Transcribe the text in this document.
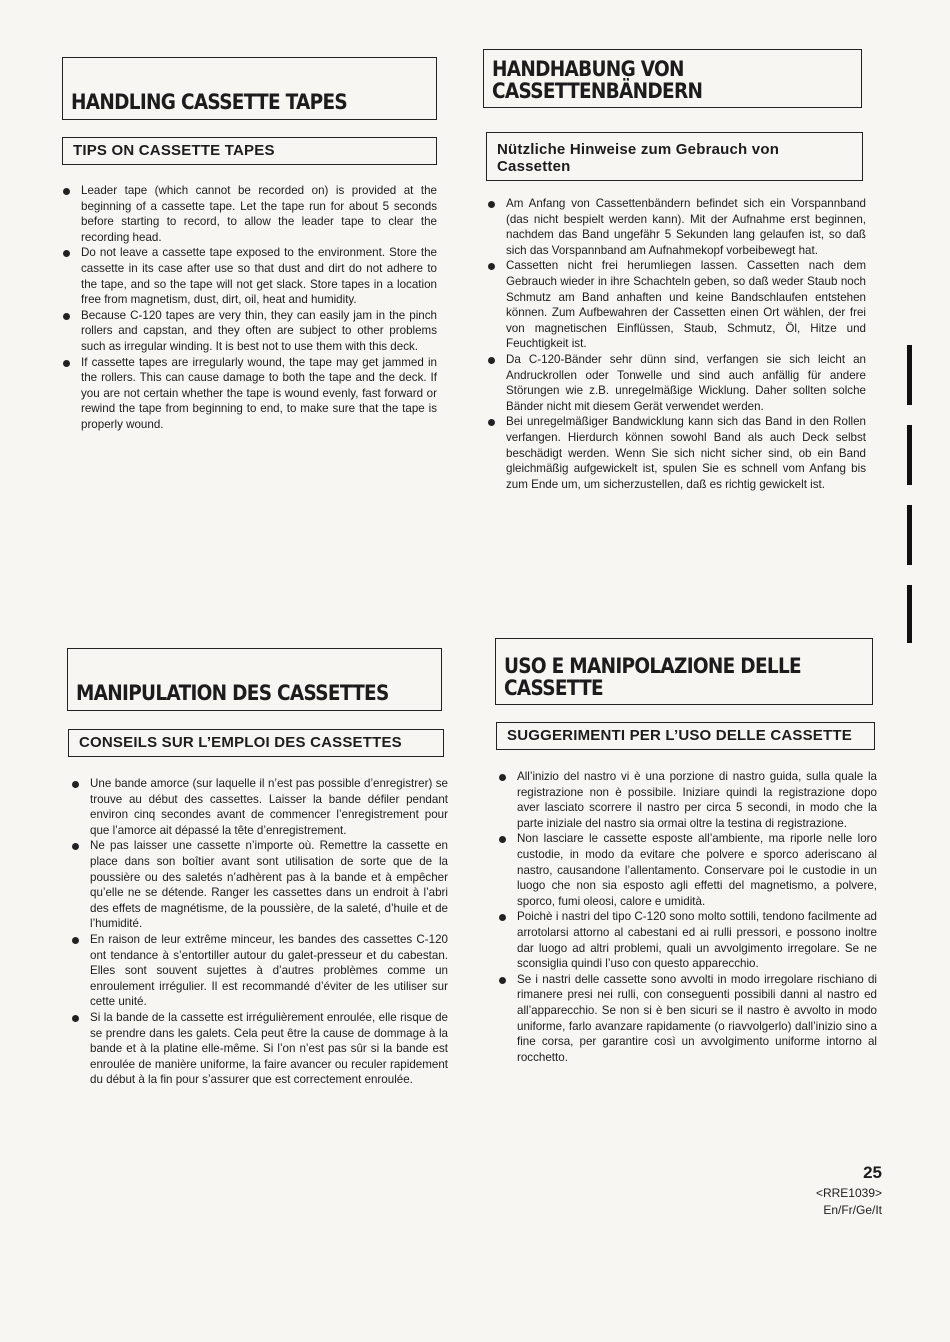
HANDLING CASSETTE TAPES
TIPS ON CASSETTE TAPES
Leader tape (which cannot be recorded on) is provided at the beginning of a cassette tape. Let the tape run for about 5 seconds before starting to record, to allow the leader tape to clear the recording head.
Do not leave a cassette tape exposed to the environment. Store the cassette in its case after use so that dust and dirt do not adhere to the tape, and so the tape will not get slack. Store tapes in a location free from magnetism, dust, dirt, oil, heat and humidity.
Because C-120 tapes are very thin, they can easily jam in the pinch rollers and capstan, and they often are subject to other problems such as irregular winding. It is best not to use them with this deck.
If cassette tapes are irregularly wound, the tape may get jammed in the rollers. This can cause damage to both the tape and the deck. If you are not certain whether the tape is wound evenly, fast forward or rewind the tape from beginning to end, to make sure that the tape is properly wound.
HANDHABUNG VON
CASSETTENBÄNDERN
Nützliche Hinweise zum Gebrauch von Cassetten
Am Anfang von Cassettenbändern befindet sich ein Vorspannband (das nicht bespielt werden kann). Mit der Aufnahme erst beginnen, nachdem das Band ungefähr 5 Sekunden lang gelaufen ist, so daß sich das Vorspannband am Aufnahmekopf vorbeibewegt hat.
Cassetten nicht frei herumliegen lassen. Cassetten nach dem Gebrauch wieder in ihre Schachteln geben, so daß weder Staub noch Schmutz am Band anhaften und keine Bandschlaufen entstehen können. Zum Aufbewahren der Cassetten einen Ort wählen, der frei von magnetischen Einflüssen, Staub, Schmutz, Öl, Hitze und Feuchtigkeit ist.
Da C-120-Bänder sehr dünn sind, verfangen sie sich leicht an Andruckrollen oder Tonwelle und sind auch anfällig für andere Störungen wie z.B. unregelmäßige Wicklung. Daher sollten solche Bänder nicht mit diesem Gerät verwendet werden.
Bei unregelmäßiger Bandwicklung kann sich das Band in den Rollen verfangen. Hierdurch können sowohl Band als auch Deck selbst beschädigt werden. Wenn Sie sich nicht sicher sind, ob ein Band gleichmäßig aufgewickelt ist, spulen Sie es schnell vom Anfang bis zum Ende um, um sicherzustellen, daß es richtig gewickelt ist.
MANIPULATION DES CASSETTES
CONSEILS SUR L’EMPLOI DES CASSETTES
Une bande amorce (sur laquelle il n’est pas possible d’enregistrer) se trouve au début des cassettes. Laisser la bande défiler pendant environ cinq secondes avant de commencer l’enregistrement pour que l’amorce ait dépassé la tête d’enregistrement.
Ne pas laisser une cassette n’importe où. Remettre la cassette en place dans son boîtier avant sont utilisation de sorte que de la poussière ou des saletés n’adhèrent pas à la bande et à empêcher qu’elle ne se détende. Ranger les cassettes dans un endroit à l’abri des effets de magnétisme, de la poussière, de la saleté, d’huile et de l’humidité.
En raison de leur extrême minceur, les bandes des cassettes C-120 ont tendance à s’entortiller autour du galet-presseur et du cabestan. Elles sont souvent sujettes à d’autres problèmes comme un enroulement irrégulier. Il est recommandé d’éviter de les utiliser sur cette unité.
Si la bande de la cassette est irrégulièrement enroulée, elle risque de se prendre dans les galets. Cela peut être la cause de dommage à la bande et à la platine elle-même. Si l’on n’est pas sûr si la bande est enroulée de manière uniforme, la faire avancer ou reculer rapidement du début à la fin pour s’assurer que est correctement enroulée.
USO E MANIPOLAZIONE DELLE
CASSETTE
SUGGERIMENTI PER L’USO DELLE CASSETTE
All’inizio del nastro vi è una porzione di nastro guida, sulla quale la registrazione non è possibile. Iniziare quindi la registrazione dopo aver lasciato scorrere il nastro per circa 5 secondi, in modo che la parte iniziale del nastro sia ormai oltre la testina di registrazione.
Non lasciare le cassette esposte all’ambiente, ma riporle nelle loro custodie, in modo da evitare che polvere e sporco aderiscano al nastro, causandone l’allentamento. Conservare poi le custodie in un luogo che non sia esposto agli effetti del magnetismo, a polvere, sporco, fumi oleosi, calore e umidità.
Poichè i nastri del tipo C-120 sono molto sottili, tendono facilmente ad arrotolarsi attorno al cabestani ed ai rulli pressori, e possono inoltre dar luogo ad altri problemi, quali un avvolgimento irregolare. Se ne sconsiglia quindi l’uso con questo apparecchio.
Se i nastri delle cassette sono avvolti in modo irregolare rischiano di rimanere presi nei rulli, con conseguenti possibili danni al nastro ed all’apparecchio. Se non si è ben sicuri se il nastro è avvolto in modo uniforme, farlo avanzare rapidamente (o riavvolgerlo) dall’inizio sino a fine corsa, per garantire così un avvolgimento uniforme intorno al rocchetto.
25
<RRE1039>
En/Fr/Ge/It
